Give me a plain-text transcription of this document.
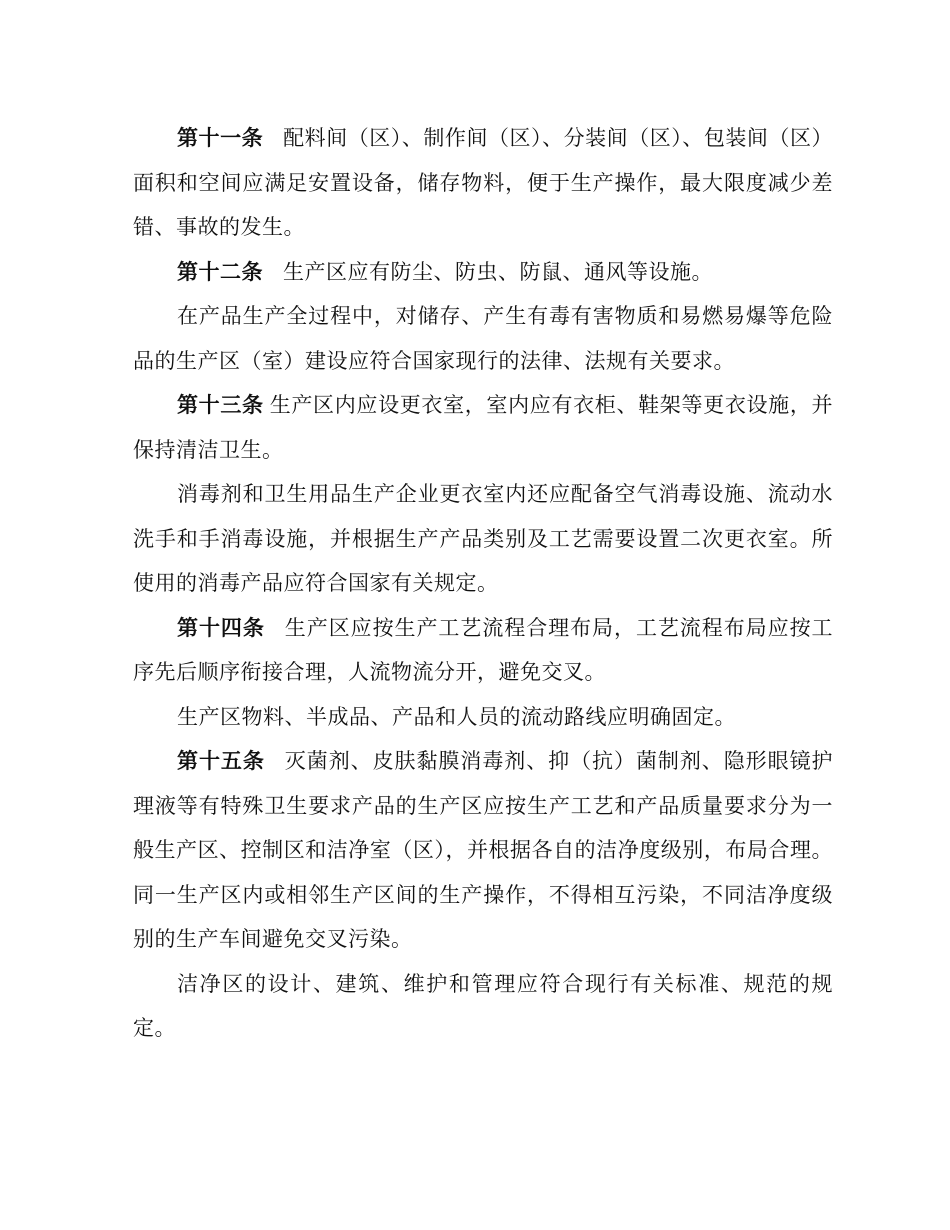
第十一条 配料间（区）、制作间（区）、分装间（区）、包装间（区）面积和空间应满足安置设备，储存物料，便于生产操作，最大限度减少差错、事故的发生。

第十二条 生产区应有防尘、防虫、防鼠、通风等设施。

在产品生产全过程中，对储存、产生有毒有害物质和易燃易爆等危险品的生产区（室）建设应符合国家现行的法律、法规有关要求。

第十三条 生产区内应设更衣室，室内应有衣柜、鞋架等更衣设施，并保持清洁卫生。

消毒剂和卫生用品生产企业更衣室内还应配备空气消毒设施、流动水洗手和手消毒设施，并根据生产产品类别及工艺需要设置二次更衣室。所使用的消毒产品应符合国家有关规定。

第十四条 生产区应按生产工艺流程合理布局，工艺流程布局应按工序先后顺序衔接合理，人流物流分开，避免交叉。

生产区物料、半成品、产品和人员的流动路线应明确固定。

第十五条 灭菌剂、皮肤黏膜消毒剂、抑（抗）菌制剂、隐形眼镜护理液等有特殊卫生要求产品的生产区应按生产工艺和产品质量要求分为一般生产区、控制区和洁净室（区），并根据各自的洁净度级别，布局合理。同一生产区内或相邻生产区间的生产操作，不得相互污染，不同洁净度级别的生产车间避免交叉污染。

洁净区的设计、建筑、维护和管理应符合现行有关标准、规范的规定。
